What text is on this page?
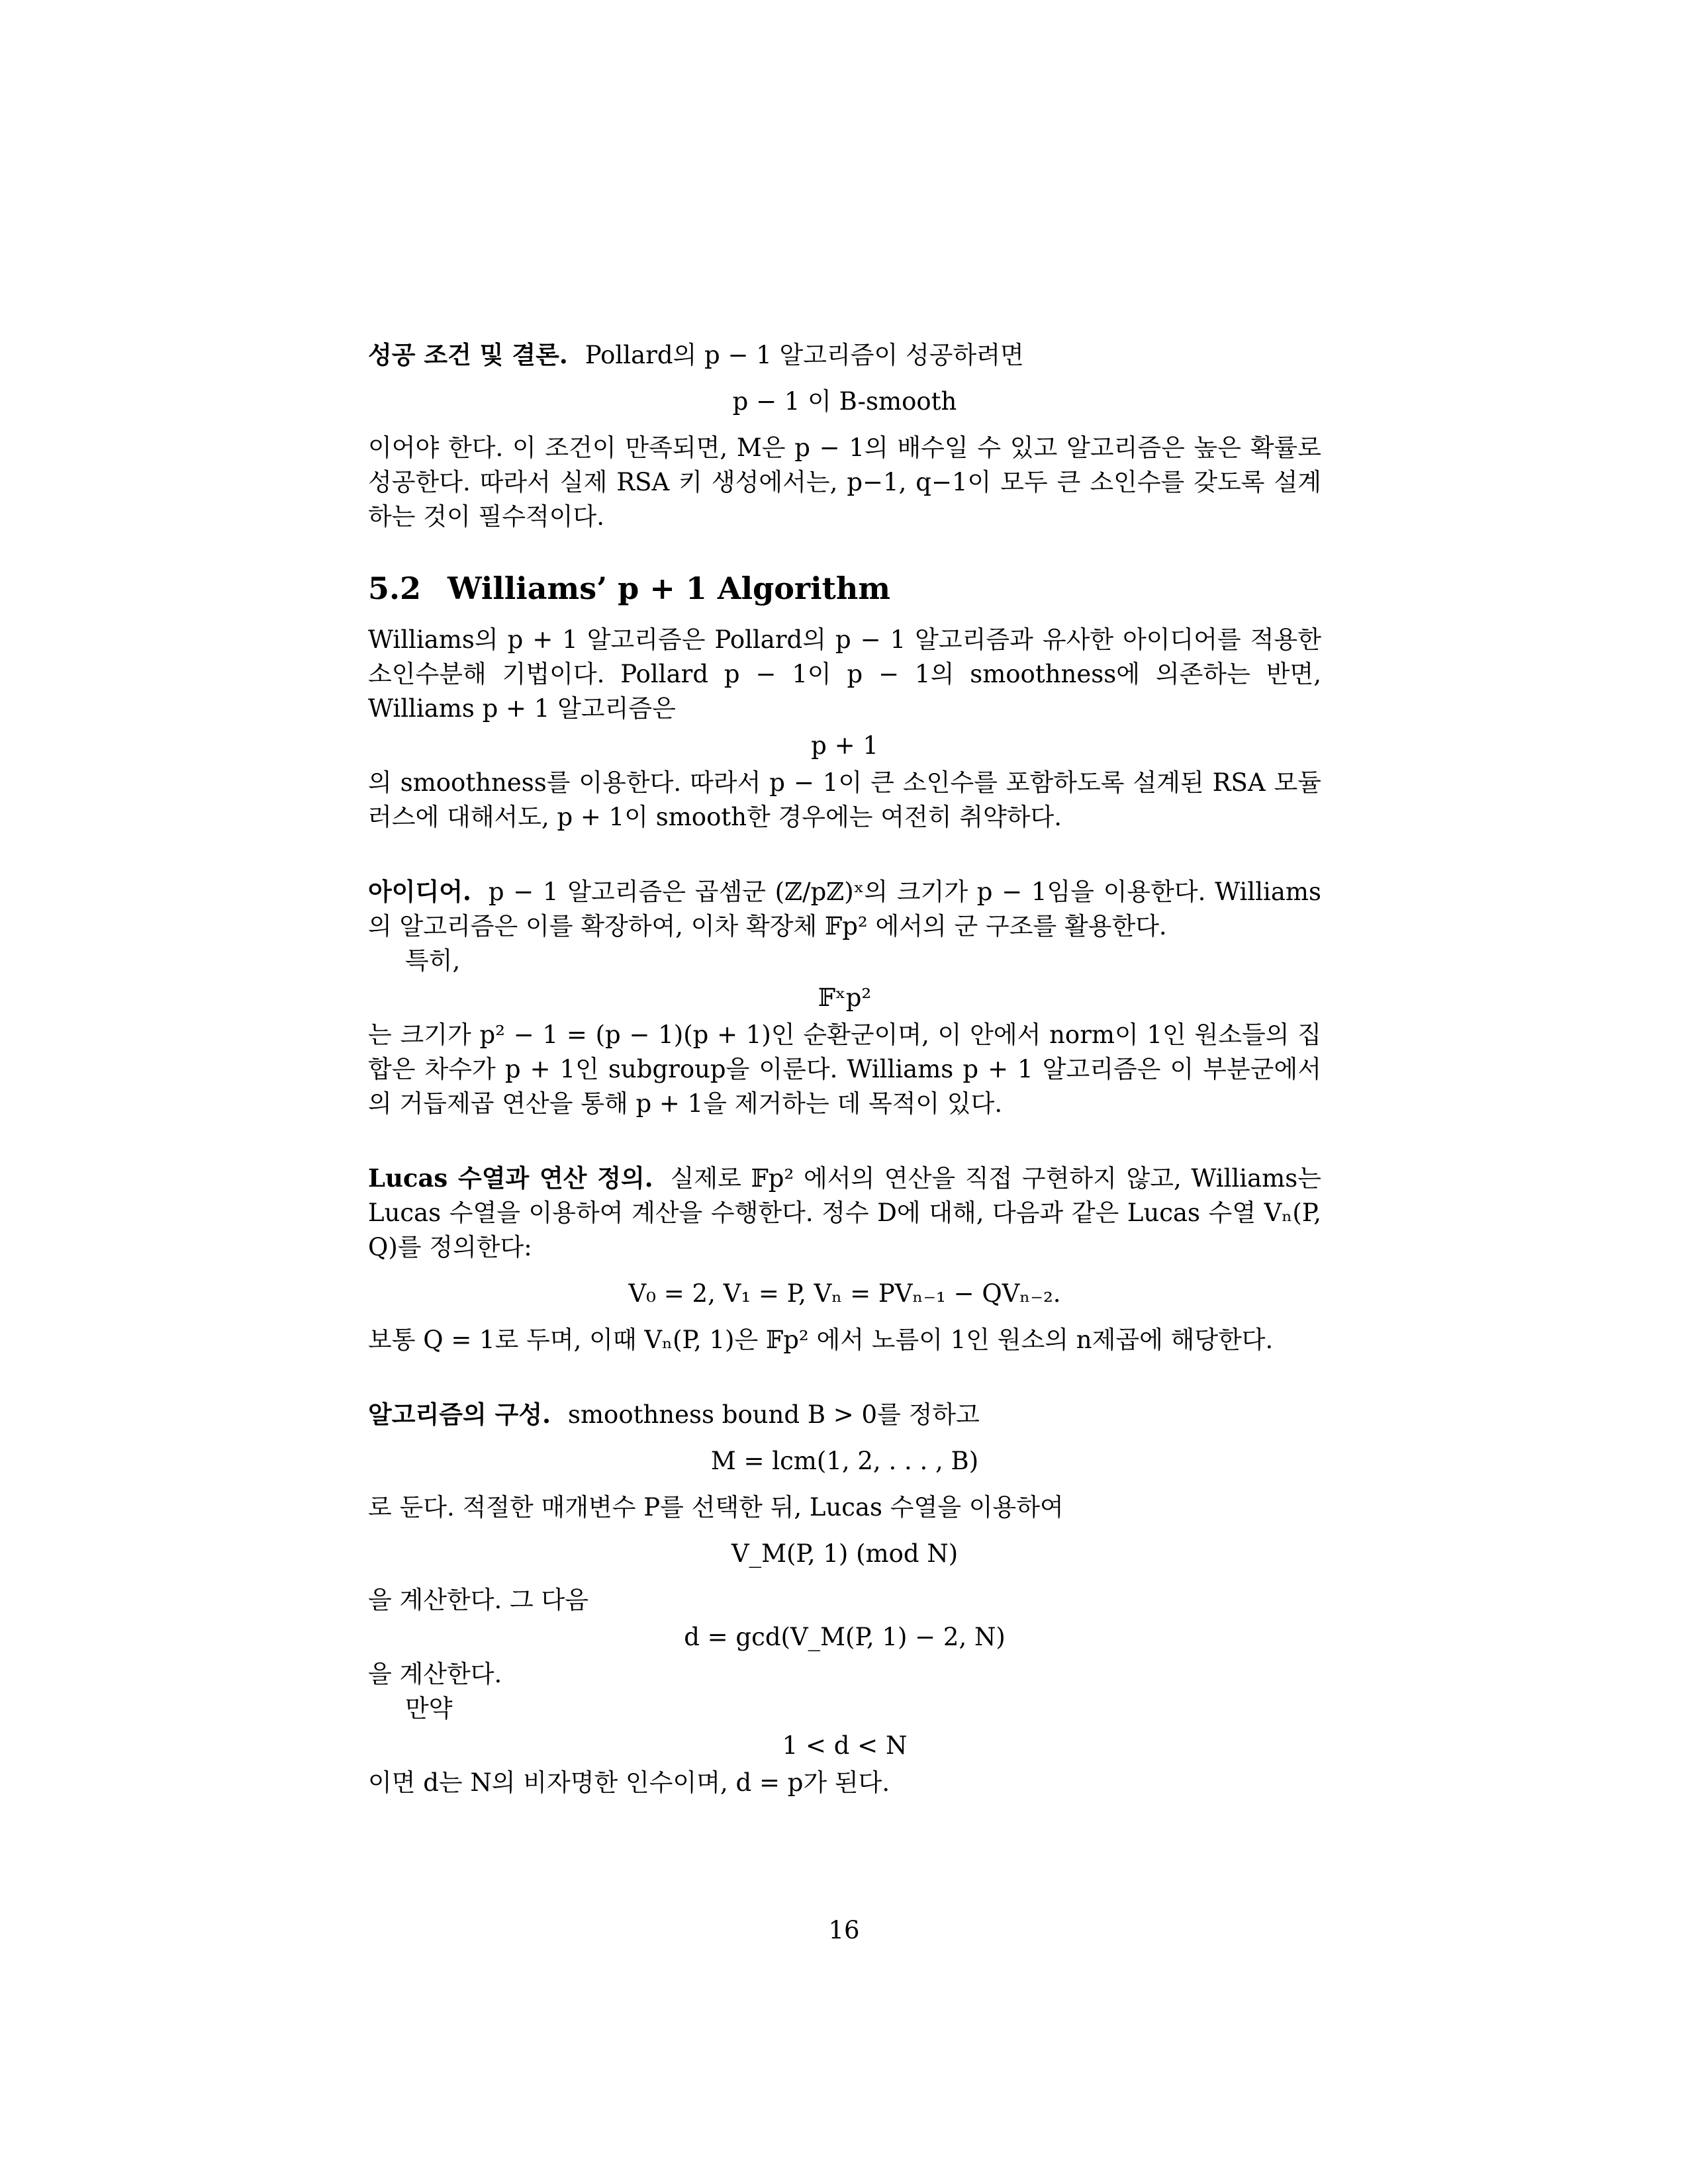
성공 조건 및 결론. Pollard의 p − 1 알고리즘이 성공하려면

p − 1 이 B-smooth

이어야 한다. 이 조건이 만족되면, M은 p − 1의 배수일 수 있고 알고리즘은 높은 확률로 성공한다. 따라서 실제 RSA 키 생성에서는, p−1, q−1이 모두 큰 소인수를 갖도록 설계하는 것이 필수적이다.

5.2 Williams’ p + 1 Algorithm

Williams의 p + 1 알고리즘은 Pollard의 p − 1 알고리즘과 유사한 아이디어를 적용한 소인수분해 기법이다. Pollard p − 1이 p − 1의 smoothness에 의존하는 반면, Williams p + 1 알고리즘은

p + 1

의 smoothness를 이용한다. 따라서 p − 1이 큰 소인수를 포함하도록 설계된 RSA 모듈러스에 대해서도, p + 1이 smooth한 경우에는 여전히 취약하다.

아이디어. p − 1 알고리즘은 곱셈군 (ℤ/pℤ)ˣ의 크기가 p − 1임을 이용한다. Williams의 알고리즘은 이를 확장하여, 이차 확장체 𝔽p² 에서의 군 구조를 활용한다.

특히,

𝔽ˣp²

는 크기가 p² − 1 = (p − 1)(p + 1)인 순환군이며, 이 안에서 norm이 1인 원소들의 집합은 차수가 p + 1인 subgroup을 이룬다. Williams p + 1 알고리즘은 이 부분군에서의 거듭제곱 연산을 통해 p + 1을 제거하는 데 목적이 있다.

Lucas 수열과 연산 정의. 실제로 𝔽p² 에서의 연산을 직접 구현하지 않고, Williams는 Lucas 수열을 이용하여 계산을 수행한다. 정수 D에 대해, 다음과 같은 Lucas 수열 Vₙ(P, Q)를 정의한다:

V₀ = 2, V₁ = P, Vₙ = PVₙ₋₁ − QVₙ₋₂.

보통 Q = 1로 두며, 이때 Vₙ(P, 1)은 𝔽p² 에서 노름이 1인 원소의 n제곱에 해당한다.

알고리즘의 구성. smoothness bound B > 0를 정하고

M = lcm(1, 2, . . . , B)

로 둔다. 적절한 매개변수 P를 선택한 뒤, Lucas 수열을 이용하여

V_M(P, 1) (mod N)

을 계산한다. 그 다음

d = gcd(V_M(P, 1) − 2, N)

을 계산한다.

만약

1 < d < N

이면 d는 N의 비자명한 인수이며, d = p가 된다.

16
